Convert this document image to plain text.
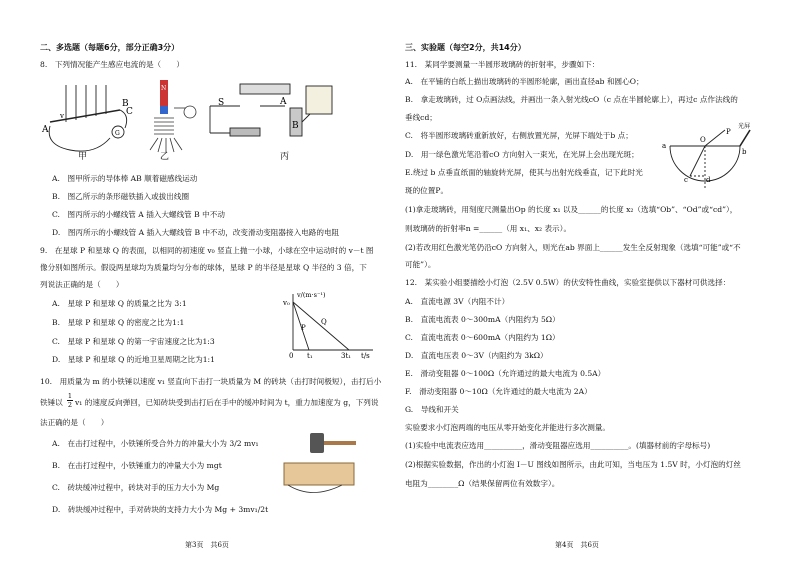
二、多选题（每题6分，部分正确3分）
8.　下列情况能产生感应电流的是（　　）
A
B
C
G
v
甲
N
乙
S	A
B
丙
A.　图甲所示的导体棒 AB 顺着磁感线运动
B.　图乙所示的条形磁铁插入或拔出线圈
C.　图丙所示的小螺线管 A 插入大螺线管 B 中不动
D.　图丙所示的小螺线管 A 插入大螺线管 B 中不动，改变滑动变阻器接入电路的电阻
9.　在星球 P 和星球 Q 的表面，以相同的初速度 v₀ 竖直上抛一小球，小球在空中运动时的 v－t 图
像分别如图所示。假设两星球均为质量均匀分布的球体，星球 P 的半径是星球 Q 半径的 3 倍，下
列说法正确的是（　　）
A.　星球 P 和星球 Q 的质量之比为 3:1
B.　星球 P 和星球 Q 的密度之比为1:1
C.　星球 P 和星球 Q 的第一宇宙速度之比为1:3
D.　星球 P 和星球 Q 的近地卫星周期之比为1:1
v/(m·s⁻¹)
v₀
0 t₁	3t₁ t/s
P
Q
10.　用质量为 m 的小铁锤以速度 v₁ 竖直向下击打一块质量为 M 的砖块（击打时间极短），击打后小
铁锤以
1
2 v₁ 的速度反向弹回，已知砖块受到击打后在手中的缓冲时间为 t，重力加速度为 g，下列说
法正确的是（　　）
A.　在击打过程中，小铁锤所受合外力的冲量大小为 3/2 mv₁
B.　在击打过程中，小铁锤重力的冲量大小为 mgt
C.　砖块缓冲过程中，砖块对手的压力大小为 Mg
D.　砖块缓冲过程中，手对砖块的支持力大小为 Mg + 3mv₁/2t
第3页　共6页
三、实验题（每空2分，共14分）
11.　某同学要测量一半圆形玻璃砖的折射率，步骤如下：
A.　在平铺的白纸上描出玻璃砖的半圆形轮廓，画出直径ab 和圆心O；
B.　拿走玻璃砖，过 O点画法线，并画出一条入射光线cO（c 点在半圆轮廓上），再过c 点作法线的
垂线cd；
C.　将半圆形玻璃砖重新放好，右侧放置光屏，光屏下端处于b 点；
D.　用一绿色激光笔沿着cO 方向射入一束光，在光屏上会出现光斑；
E.绕过 b 点垂直纸面的轴旋转光屏，使其与出射光线垂直，记下此时光
斑的位置P。
(1)拿走玻璃砖，用刻度尺测量出Op 的长度 x₁ 以及______的长度 x₂（选填“Ob”、“Od”或“cd”），
则玻璃砖的折射率n =______（用 x₁、x₂ 表示）。
(2)若改用红色激光笔仍沿cO 方向射入，则光在ab 界面上______发生全反射现象（选填“可能”或“不
可能”）。
光屏
a
b
c	d
O
P
12.　某实验小组要描绘小灯泡（2.5V 0.5W）的伏安特性曲线，实验室提供以下器材可供选择：
A.　直流电源 3V（内阻不计）
B.　直流电流表 0～300mA（内阻约为 5Ω）
C.　直流电流表 0～600mA（内阻约为 1Ω）
D.　直流电压表 0～3V（内阻约为 3kΩ）
E.　滑动变阻器 0～100Ω（允许通过的最大电流为 0.5A）
F.　滑动变阻器 0～10Ω（允许通过的最大电流为 2A）
G.　导线和开关
实验要求小灯泡两端的电压从零开始变化并能进行多次测量。
(1)实验中电流表应选用__________，滑动变阻器应选用__________。(填器材前的字母标号)
(2)根据实验数据，作出的小灯泡 I－U 图线如图所示，由此可知，当电压为 1.5V 时，小灯泡的灯丝
电阻为________Ω（结果保留两位有效数字）。
第4页　共6页
